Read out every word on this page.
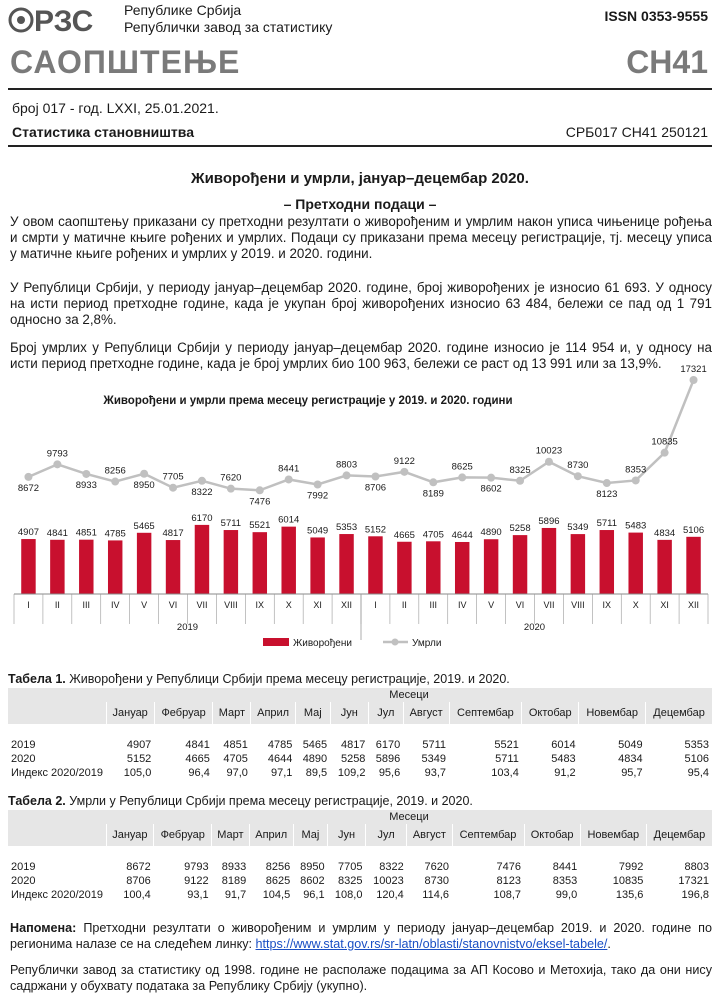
РЗС Републике Србија
Републички завод за статистику
ISSN 0353-9555
САОПШТЕЊЕ	СН41
број 017 - год. LXXI, 25.01.2021.
Статистика становништва	СРБ017 СН41 250121
Живорођени и умрли, јануар–децембар 2020.
– Претходни подаци –
У овом саопштењу приказани су претходни резултати о живорођеним и умрлим након уписа чињенице рођења и смрти у матичне књиге рођених и умрлих. Подаци су приказани према месецу регистрације, тј. месецу уписа у матичне књиге рођених и умрлих у 2019. и 2020. години.
У Републици Србији, у периоду јануар–децембар 2020. године, број живорођених је износио 61 693. У односу на исти период претходне године, када је укупан број живорођених износио 63 484, бележи се пад од 1 791 односно за 2,8%.
Број умрлих у Републици Србији у периоду јануар–децембар 2020. године износио је 114 954 и, у односу на исти период претходне године, када је број умрлих био 100 963, бележи се раст од 13 991 или за 13,9%.
Живорођени и умрли према месецу регистрације у 2019. и 2020. години
4907 4841 4851 4785
5465
4817
6170 5711 5521
6014
5049 5353 5152 4665 4705 4644 4890 5258
5896
5349 5711 5483
4834 5106
8672
9793
8933
8256
8950
7705
8322
7620
7476
8441
7992
8803
8706
9122
8189
8625
8602
8325
10023
8730
8123
8353
10835
17321
I	II	III IV V VI VII VIII IX X XI XII I	II	III IV V VI VII VIII IX X XI XII
2019	2020
Живорођени	Умрли
Табела 1. Живорођени у Републици Србији према месецу регистрације, 2019. и 2020.
	Месеци											
	Јануар	Фебруар	Март	Април	Мај	Јун	Јул	Август	Септембар	Октобар	Новембар	Децембар

2019	4907	4841	4851	4785	5465	4817	6170	5711	5521	6014	5049	5353
2020	5152	4665	4705	4644	4890	5258	5896	5349	5711	5483	4834	5106
Индекс 2020/2019	105,0	96,4	97,0	97,1	89,5	109,2	95,6	93,7	103,4	91,2	95,7	95,4
Табела 2. Умрли у Републици Србији према месецу регистрације, 2019. и 2020.
	Месеци											
	Јануар	Фебруар	Март	Април	Мај	Јун	Јул	Август	Септембар	Октобар	Новембар	Децембар

2019	8672	9793	8933	8256	8950	7705	8322	7620	7476	8441	7992	8803
2020	8706	9122	8189	8625	8602	8325	10023	8730	8123	8353	10835	17321
Индекс 2020/2019	100,4	93,1	91,7	104,5	96,1	108,0	120,4	114,6	108,7	99,0	135,6	196,8
Напомена: Претходни резултати о живорођеним и умрлим у периоду јануар–децембар 2019. и 2020. године по регионима налазе се на следећем линку: https://www.stat.gov.rs/sr-latn/oblasti/stanovnistvo/eksel-tabele/.
Републички завод за статистику од 1998. године не располаже подацима за АП Косово и Метохија, тако да они нису садржани у обухвату података за Републику Србију (укупно).
